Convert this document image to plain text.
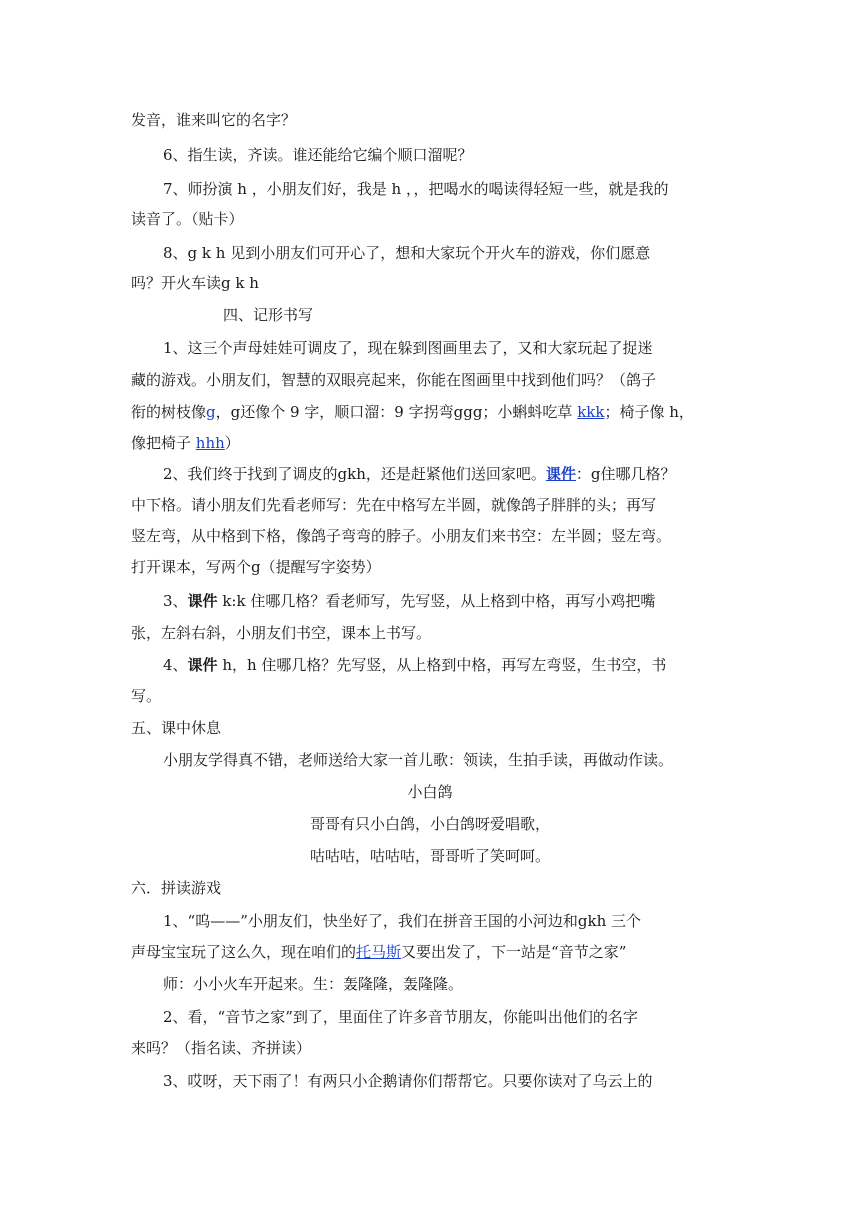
发音，谁来叫它的名字？
6、指生读，齐读。谁还能给它编个顺口溜呢？
7、师扮演 h ，小朋友们好，我是 h ，，把喝水的喝读得轻短一些，就是我的
读音了。（贴卡）
8、g k h 见到小朋友们可开心了，想和大家玩个开火车的游戏，你们愿意
吗？开火车读g k h
四、记形书写
1、这三个声母娃娃可调皮了，现在躲到图画里去了，又和大家玩起了捉迷
藏的游戏。小朋友们，智慧的双眼亮起来，你能在图画里中找到他们吗？（鸽子
衔的树枝像g，g还像个 9 字，顺口溜：9 字拐弯ggg；小蝌蚪吃草 kkk；椅子像 h，
像把椅子 hhh）
2、我们终于找到了调皮的gkh，还是赶紧他们送回家吧。课件：g住哪几格？
中下格。请小朋友们先看老师写：先在中格写左半圆，就像鸽子胖胖的头；再写
竖左弯，从中格到下格，像鸽子弯弯的脖子。小朋友们来书空：左半圆；竖左弯。
打开课本，写两个g（提醒写字姿势）
3、课件 k:k 住哪几格？看老师写，先写竖，从上格到中格，再写小鸡把嘴
张，左斜右斜，小朋友们书空，课本上书写。
4、课件 h，h 住哪几格？先写竖，从上格到中格，再写左弯竖，生书空，书
写。
五、课中休息
小朋友学得真不错，老师送给大家一首儿歌：领读，生拍手读，再做动作读。
小白鸽
哥哥有只小白鸽，小白鸽呀爱唱歌，
咕咕咕，咕咕咕，哥哥听了笑呵呵。
六．拼读游戏
1、“呜——”小朋友们，快坐好了，我们在拼音王国的小河边和gkh 三个
声母宝宝玩了这么久，现在咱们的托马斯又要出发了，下一站是“音节之家”
师：小小火车开起来。生：轰隆隆，轰隆隆。
2、看，“音节之家”到了，里面住了许多音节朋友，你能叫出他们的名字
来吗？（指名读、齐拼读）
3、哎呀，天下雨了！有两只小企鹅请你们帮帮它。只要你读对了乌云上的
